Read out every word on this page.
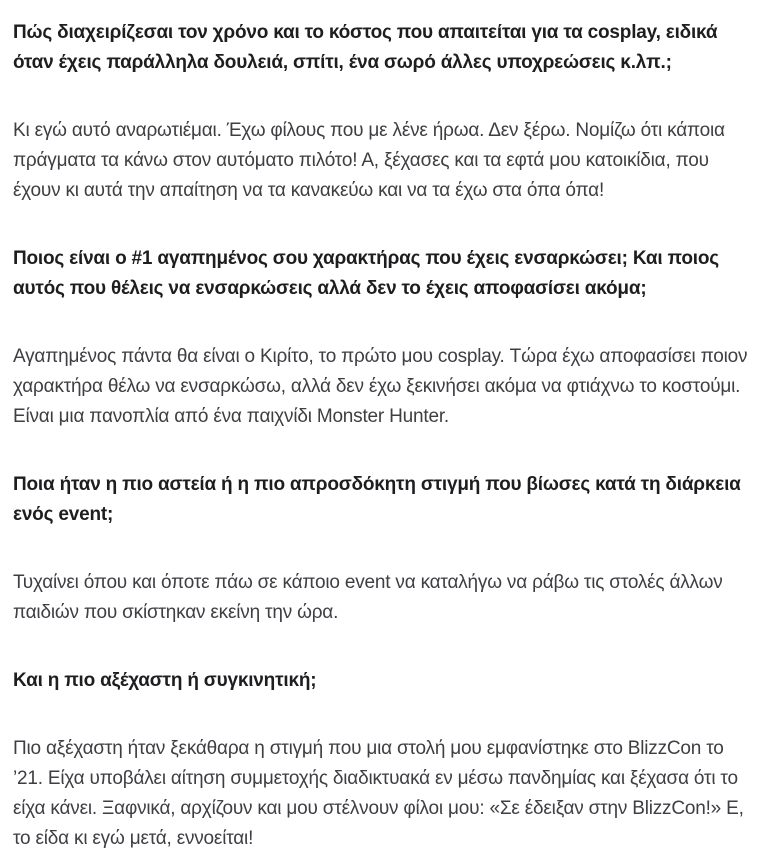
Πώς διαχειρίζεσαι τον χρόνο και το κόστος που απαιτείται για τα cosplay, ειδικά όταν έχεις παράλληλα δουλειά, σπίτι, ένα σωρό άλλες υποχρεώσεις κ.λπ.;

Κι εγώ αυτό αναρωτιέμαι. Έχω φίλους που με λένε ήρωα. Δεν ξέρω. Νομίζω ότι κάποια πράγματα τα κάνω στον αυτόματο πιλότο! Α, ξέχασες και τα εφτά μου κατοικίδια, που έχουν κι αυτά την απαίτηση να τα κανακεύω και να τα έχω στα όπα όπα!

Ποιος είναι ο #1 αγαπημένος σου χαρακτήρας που έχεις ενσαρκώσει; Και ποιος αυτός που θέλεις να ενσαρκώσεις αλλά δεν το έχεις αποφασίσει ακόμα;

Αγαπημένος πάντα θα είναι ο Κιρίτο, το πρώτο μου cosplay. Τώρα έχω αποφασίσει ποιον χαρακτήρα θέλω να ενσαρκώσω, αλλά δεν έχω ξεκινήσει ακόμα να φτιάχνω το κοστούμι. Είναι μια πανοπλία από ένα παιχνίδι Monster Hunter.

Ποια ήταν η πιο αστεία ή η πιο απροσδόκητη στιγμή που βίωσες κατά τη διάρκεια ενός event;

Τυχαίνει όπου και όποτε πάω σε κάποιο event να καταλήγω να ράβω τις στολές άλλων παιδιών που σκίστηκαν εκείνη την ώρα.

Και η πιο αξέχαστη ή συγκινητική;

Πιο αξέχαστη ήταν ξεκάθαρα η στιγμή που μια στολή μου εμφανίστηκε στο BlizzCon το ’21. Είχα υποβάλει αίτηση συμμετοχής διαδικτυακά εν μέσω πανδημίας και ξέχασα ότι το είχα κάνει. Ξαφνικά, αρχίζουν και μου στέλνουν φίλοι μου: «Σε έδειξαν στην BlizzCon!» Ε, το είδα κι εγώ μετά, εννοείται!
